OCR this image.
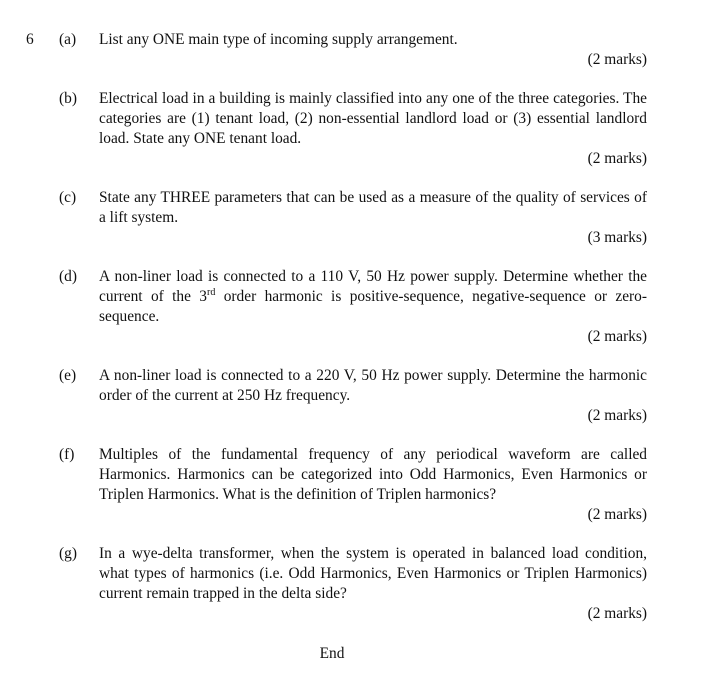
6 (a) List any ONE main type of incoming supply arrangement.
(2 marks)
(b) Electrical load in a building is mainly classified into any one of the three categories. The categories are (1) tenant load, (2) non-essential landlord load or (3) essential landlord load. State any ONE tenant load.
(2 marks)
(c) State any THREE parameters that can be used as a measure of the quality of services of a lift system.
(3 marks)
(d) A non-liner load is connected to a 110 V, 50 Hz power supply. Determine whether the current of the 3rd order harmonic is positive-sequence, negative-sequence or zero-sequence.
(2 marks)
(e) A non-liner load is connected to a 220 V, 50 Hz power supply. Determine the harmonic order of the current at 250 Hz frequency.
(2 marks)
(f) Multiples of the fundamental frequency of any periodical waveform are called Harmonics. Harmonics can be categorized into Odd Harmonics, Even Harmonics or Triplen Harmonics. What is the definition of Triplen harmonics?
(2 marks)
(g) In a wye-delta transformer, when the system is operated in balanced load condition, what types of harmonics (i.e. Odd Harmonics, Even Harmonics or Triplen Harmonics) current remain trapped in the delta side?
(2 marks)
End
